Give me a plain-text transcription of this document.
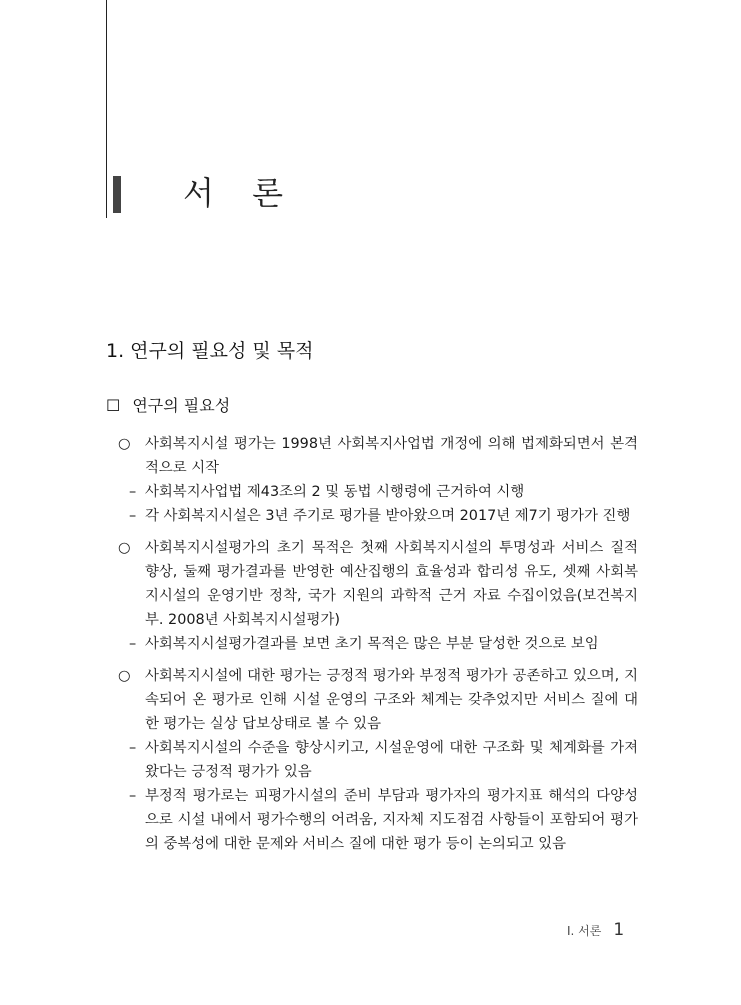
서 론
1. 연구의 필요성 및 목적
☐ 연구의 필요성
○ 사회복지시설 평가는 1998년 사회복지사업법 개정에 의해 법제화되면서 본격적으로 시작
– 사회복지사업법 제43조의 2 및 동법 시행령에 근거하여 시행
– 각 사회복지시설은 3년 주기로 평가를 받아왔으며 2017년 제7기 평가가 진행
○ 사회복지시설평가의 초기 목적은 첫째 사회복지시설의 투명성과 서비스 질적 향상, 둘째 평가결과를 반영한 예산집행의 효율성과 합리성 유도, 셋째 사회복지시설의 운영기반 정착, 국가 지원의 과학적 근거 자료 수집이었음(보건복지부. 2008년 사회복지시설평가)
– 사회복지시설평가결과를 보면 초기 목적은 많은 부분 달성한 것으로 보임
○ 사회복지시설에 대한 평가는 긍정적 평가와 부정적 평가가 공존하고 있으며, 지속되어 온 평가로 인해 시설 운영의 구조와 체계는 갖추었지만 서비스 질에 대한 평가는 실상 답보상태로 볼 수 있음
– 사회복지시설의 수준을 향상시키고, 시설운영에 대한 구조화 및 체계화를 가져왔다는 긍정적 평가가 있음
– 부정적 평가로는 피평가시설의 준비 부담과 평가자의 평가지표 해석의 다양성으로 시설 내에서 평가수행의 어려움, 지자체 지도점검 사항들이 포함되어 평가의 중복성에 대한 문제와 서비스 질에 대한 평가 등이 논의되고 있음
Ⅰ. 서론 1
